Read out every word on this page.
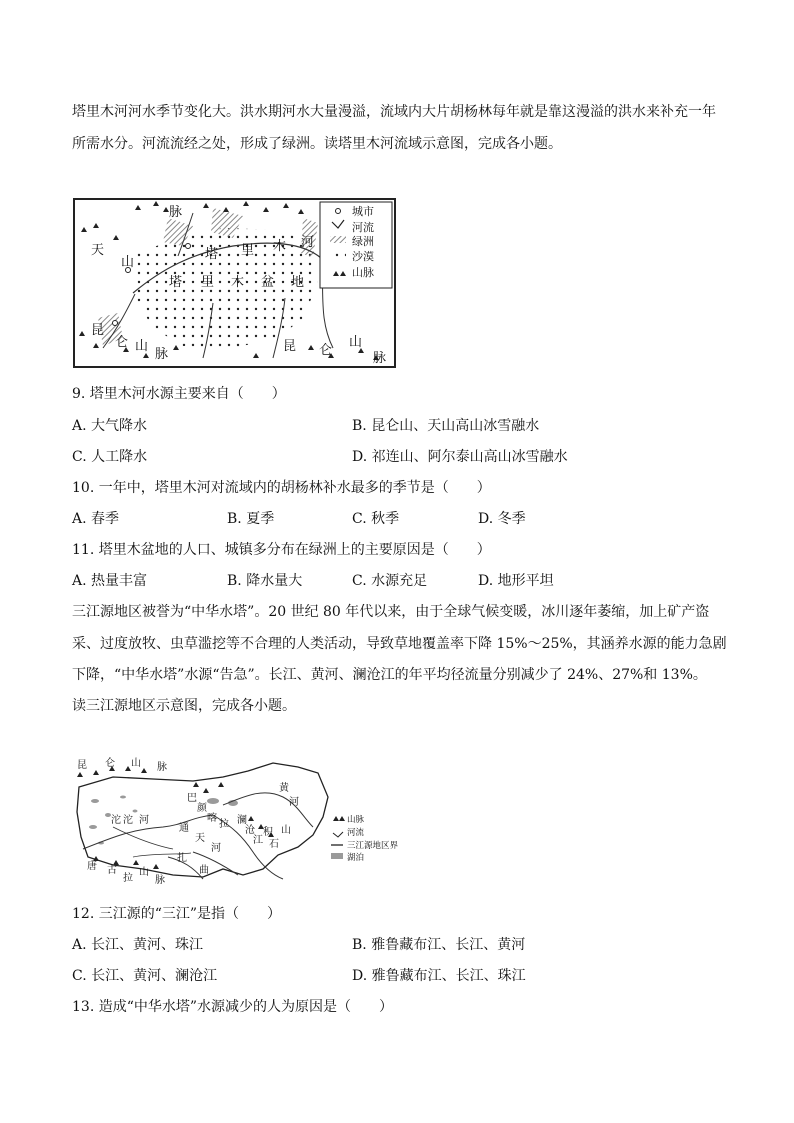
塔里木河河水季节变化大。洪水期河水大量漫溢，流域内大片胡杨林每年就是靠这漫溢的洪水来补充一年
所需水分。河流流经之处，形成了绿洲。读塔里木河流域示意图，完成各小题。
天
山
脉
塔 里 木 河
塔 里 木 盆 地
昆
仑 山
脉
昆 仑
山
脉
城市
河流
绿洲
沙漠
山脉
9. 塔里木河水源主要来自（　　）
A. 大气降水	B. 昆仑山、天山高山冰雪融水
C. 人工降水	D. 祁连山、阿尔泰山高山冰雪融水
10. 一年中，塔里木河对流域内的胡杨林补水最多的季节是（　　）
A. 春季	B. 夏季	C. 秋季	D. 冬季
11. 塔里木盆地的人口、城镇多分布在绿洲上的主要原因是（　　）
A. 热量丰富	B. 降水量大	C. 水源充足	D. 地形平坦
三江源地区被誉为“中华水塔”。20 世纪 80 年代以来，由于全球气候变暖，冰川逐年萎缩，加上矿产盗
采、过度放牧、虫草滥挖等不合理的人类活动，导致草地覆盖率下降 15%～25%，其涵养水源的能力急剧
下降，“中华水塔”水源“告急”。长江、黄河、澜沧江的年平均径流量分别减少了 24%、27%和 13%。
读三江源地区示意图，完成各小题。
昆 仑 山 脉
沱 沱 河
通
天
河
巴
颜
喀
拉
黄
河
唐 古
拉
山
脉
扎
曲
澜
沧
江
积
石
山
山脉
河流
三江源地区界
湖泊
12. 三江源的“三江”是指（　　）
A. 长江、黄河、珠江	B. 雅鲁藏布江、长江、黄河
C. 长江、黄河、澜沧江	D. 雅鲁藏布江、长江、珠江
13. 造成“中华水塔”水源减少的人为原因是（　　）
